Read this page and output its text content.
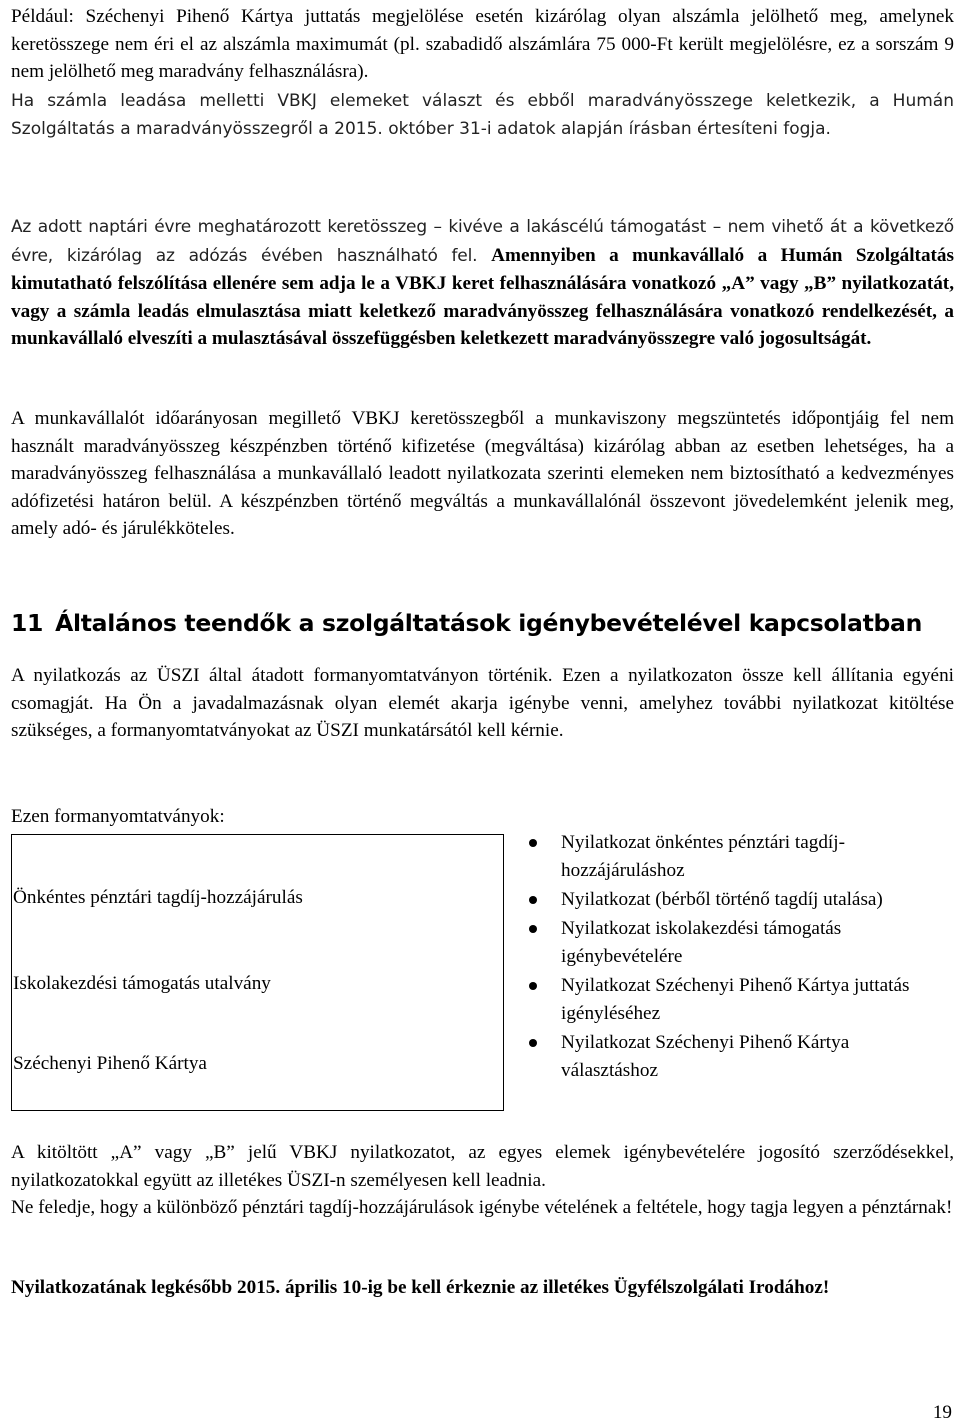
Például: Széchenyi Pihenő Kártya juttatás megjelölése esetén kizárólag olyan alszámla jelölhető meg, amelynek keretösszege nem éri el az alszámla maximumát (pl. szabadidő alszámlára 75 000-Ft került megjelölésre, ez a sorszám 9 nem jelölhető meg maradvány felhasználásra).

Ha számla leadása melletti VBKJ elemeket választ és ebből maradványösszege keletkezik, a Humán Szolgáltatás a maradványösszegről a 2015. október 31-i adatok alapján írásban értesíteni fogja.

Az adott naptári évre meghatározott keretösszeg – kivéve a lakáscélú támogatást – nem vihető át a következő évre, kizárólag az adózás évében használható fel. Amennyiben a munkavállaló a Humán Szolgáltatás kimutatható felszólítása ellenére sem adja le a VBKJ keret felhasználására vonatkozó „A” vagy „B” nyilatkozatát, vagy a számla leadás elmulasztása miatt keletkező maradványösszeg felhasználására vonatkozó rendelkezését, a munkavállaló elveszíti a mulasztásával összefüggésben keletkezett maradványösszegre való jogosultságát.

A munkavállalót időarányosan megillető VBKJ keretösszegből a munkaviszony megszüntetés időpontjáig fel nem használt maradványösszeg készpénzben történő kifizetése (megváltása) kizárólag abban az esetben lehetséges, ha a maradványösszeg felhasználása a munkavállaló leadott nyilatkozata szerinti elemeken nem biztosítható a kedvezményes adófizetési határon belül. A készpénzben történő megváltás a munkavállalónál összevont jövedelemként jelenik meg, amely adó- és járulékköteles.

11 Általános teendők a szolgáltatások igénybevételével kapcsolatban

A nyilatkozás az ÜSZI által átadott formanyomtatványon történik. Ezen a nyilatkozaton össze kell állítania egyéni csomagját. Ha Ön a javadalmazásnak olyan elemét akarja igénybe venni, amelyhez további nyilatkozat kitöltése szükséges, a formanyomtatványokat az ÜSZI munkatársától kell kérnie.

Ezen formanyomtatványok:
Önkéntes pénztári tagdíj-hozzájárulás
Iskolakezdési támogatás utalvány
Széchenyi Pihenő Kártya
Nyilatkozat önkéntes pénztári tagdíj-hozzájáruláshoz
Nyilatkozat (bérből történő tagdíj utalása)
Nyilatkozat iskolakezdési támogatás igénybevételére
Nyilatkozat Széchenyi Pihenő Kártya juttatás igényléséhez
Nyilatkozat Széchenyi Pihenő Kártya választáshoz

A kitöltött „A” vagy „B” jelű VBKJ nyilatkozatot, az egyes elemek igénybevételére jogosító szerződésekkel, nyilatkozatokkal együtt az illetékes ÜSZI-n személyesen kell leadnia.

Ne feledje, hogy a különböző pénztári tagdíj-hozzájárulások igénybe vételének a feltétele, hogy tagja legyen a pénztárnak!

Nyilatkozatának legkésőbb 2015. április 10-ig be kell érkeznie az illetékes Ügyfélszolgálati Irodához!

19
